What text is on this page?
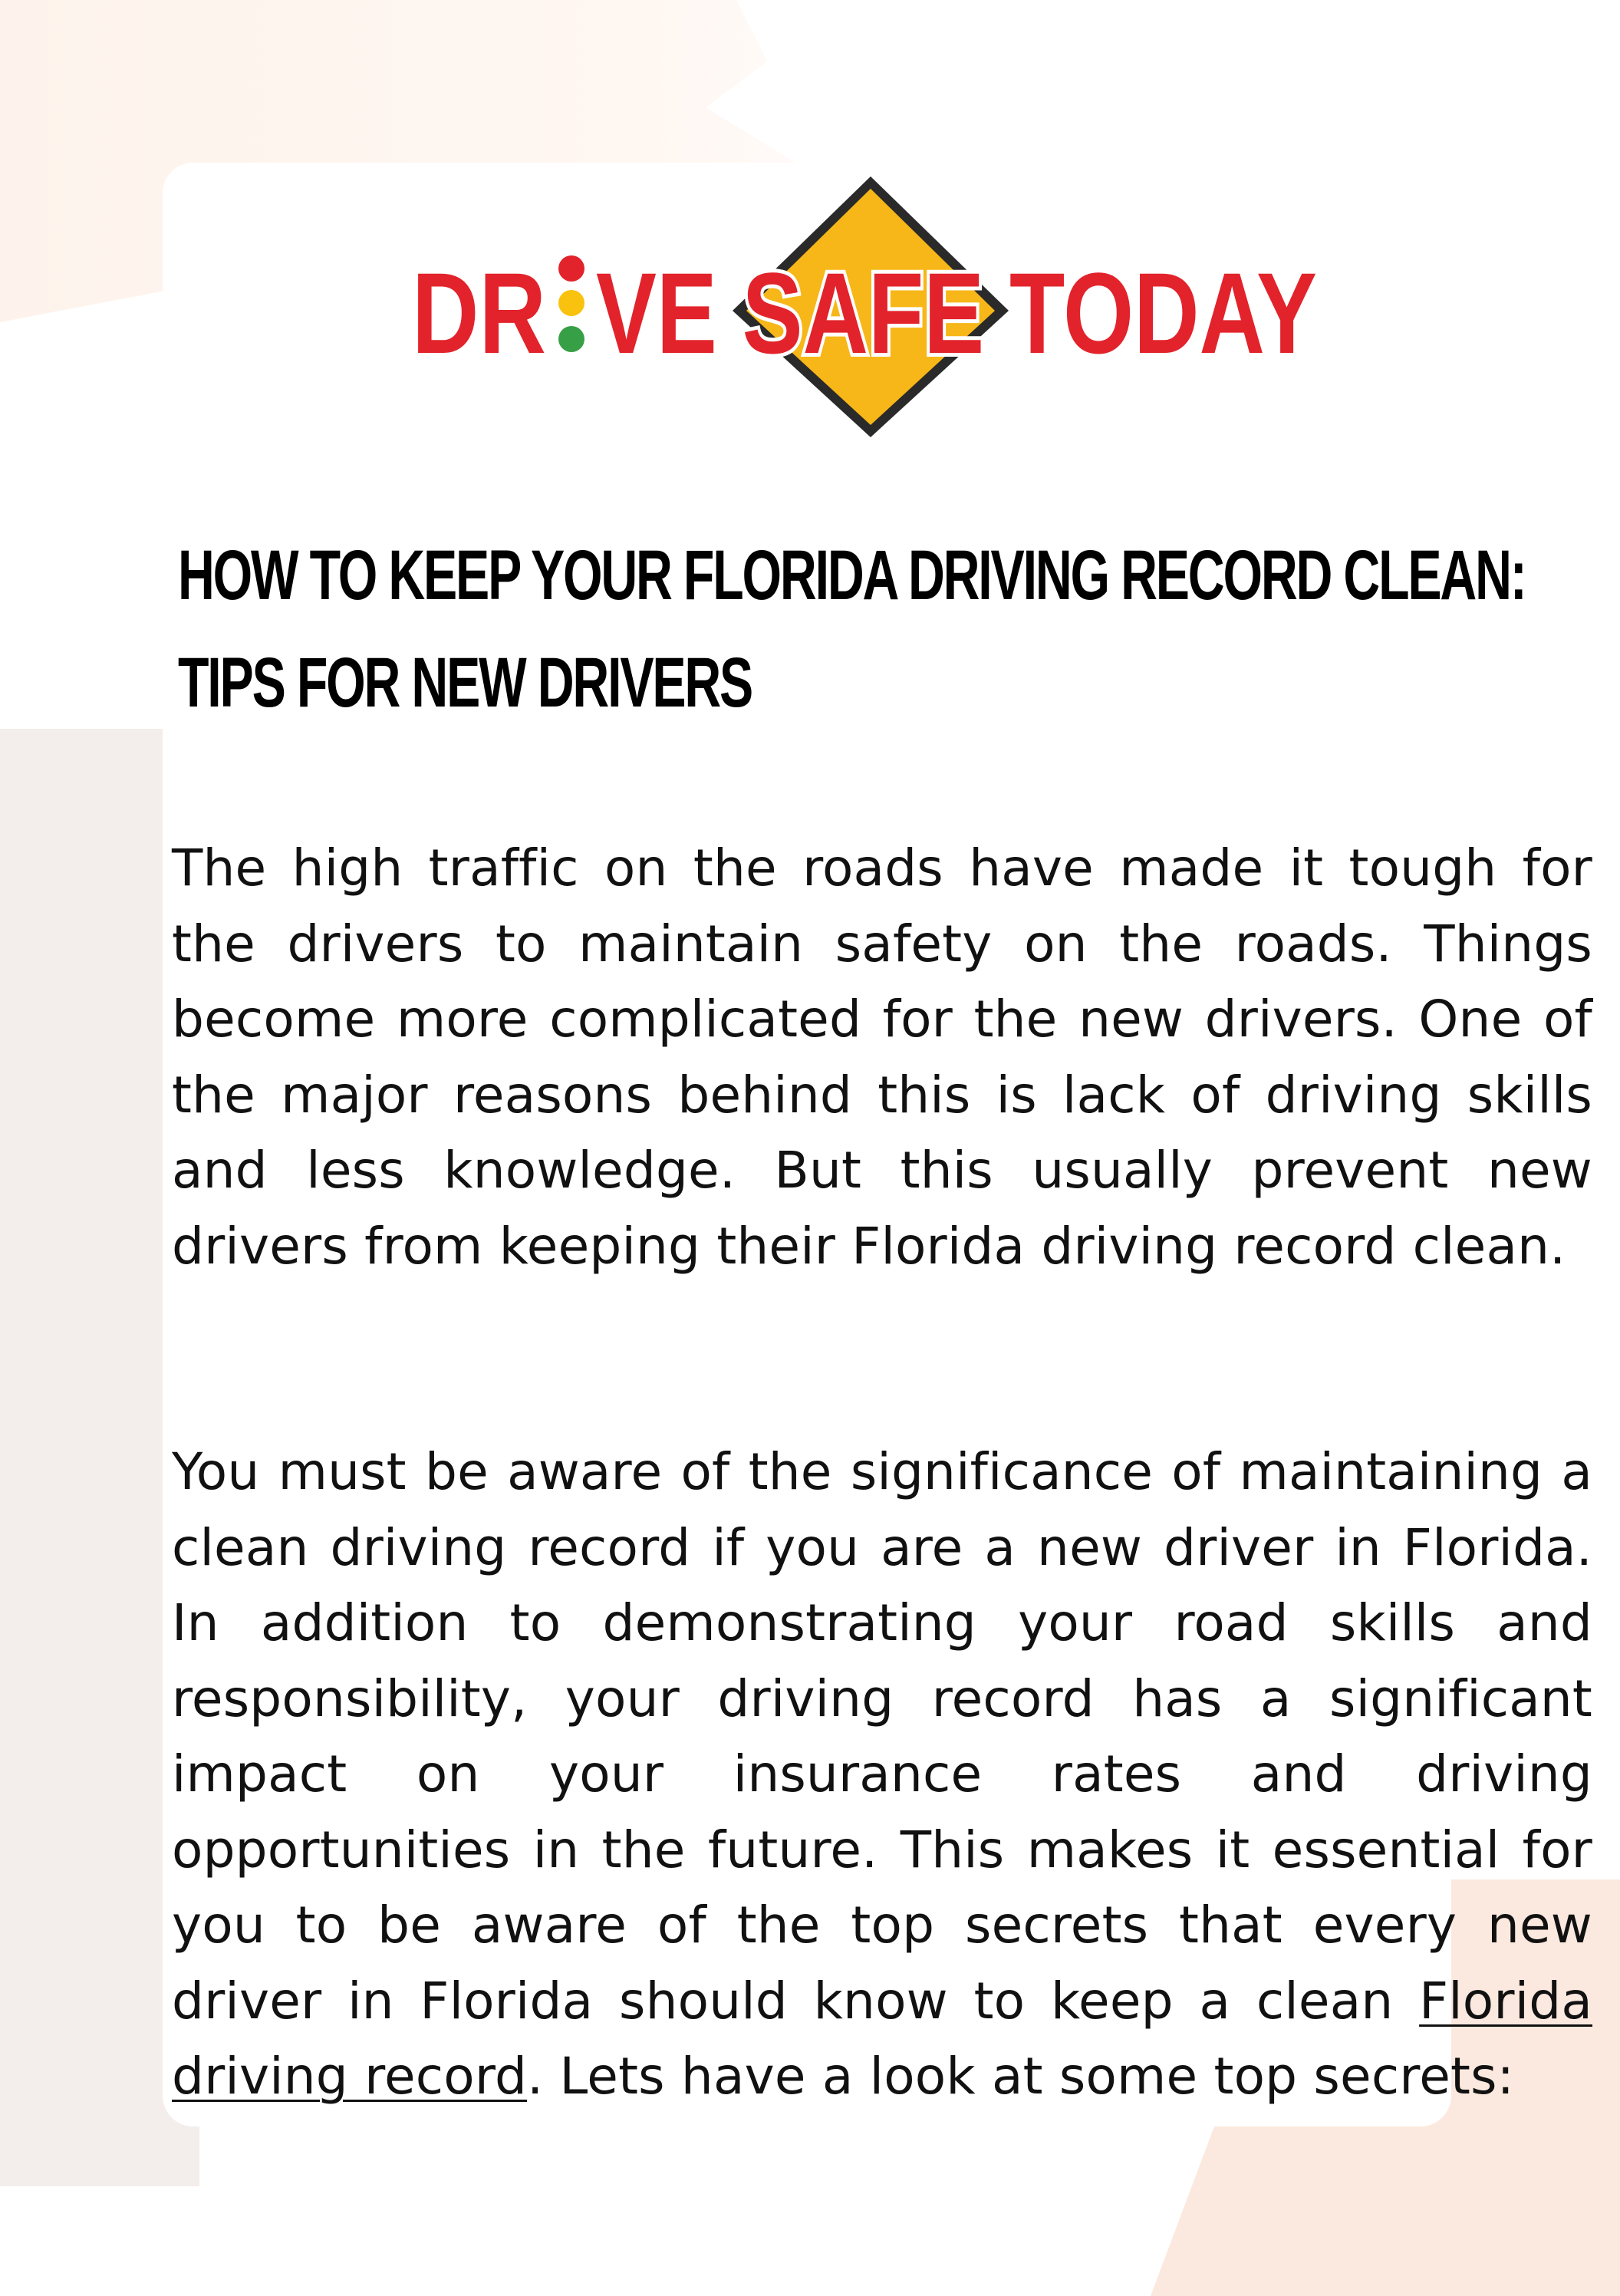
DR VE SAFE TODAY
HOW TO KEEP YOUR FLORIDA DRIVING RECORD CLEAN:
TIPS FOR NEW DRIVERS

The high traffic on the roads have made it tough for the drivers to maintain safety on the roads. Things become more complicated for the new drivers. One of the major reasons behind this is lack of driving skills and less knowledge. But this usually prevent new drivers from keeping their Florida driving record clean.

You must be aware of the significance of maintaining a clean driving record if you are a new driver in Florida. In addition to demonstrating your road skills and responsibility, your driving record has a significant impact on your insurance rates and driving opportunities in the future. This makes it essential for you to be aware of the top secrets that every new driver in Florida should know to keep a clean Florida driving record. Lets have a look at some top secrets:
